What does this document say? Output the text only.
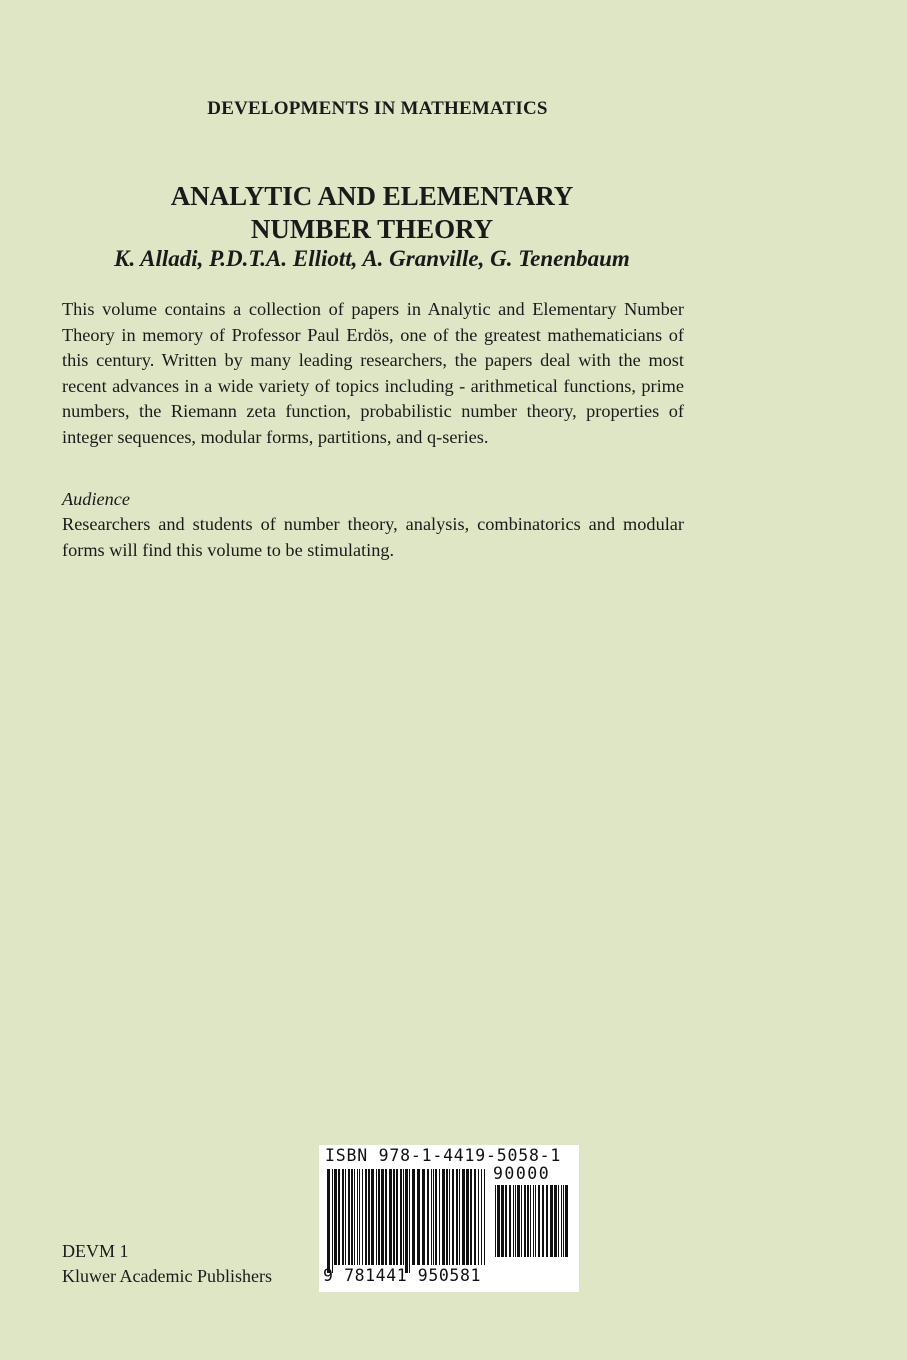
DEVELOPMENTS IN MATHEMATICS
ANALYTIC AND ELEMENTARY
NUMBER THEORY
K. Alladi, P.D.T.A. Elliott, A. Granville, G. Tenenbaum

This volume contains a collection of papers in Analytic and Elementary Number Theory in memory of Professor Paul Erdös, one of the greatest mathematicians of this century. Written by many leading researchers, the papers deal with the most recent advances in a wide variety of topics including - arithmetical functions, prime numbers, the Riemann zeta function, probabilistic number theory, properties of integer sequences, modular forms, partitions, and q-series.

Audience

Researchers and students of number theory, analysis, combinatorics and modular forms will find this volume to be stimulating.

DEVM 1
Kluwer Academic Publishers
ISBN 978-1-4419-5058-1
90000
9 781441 950581
